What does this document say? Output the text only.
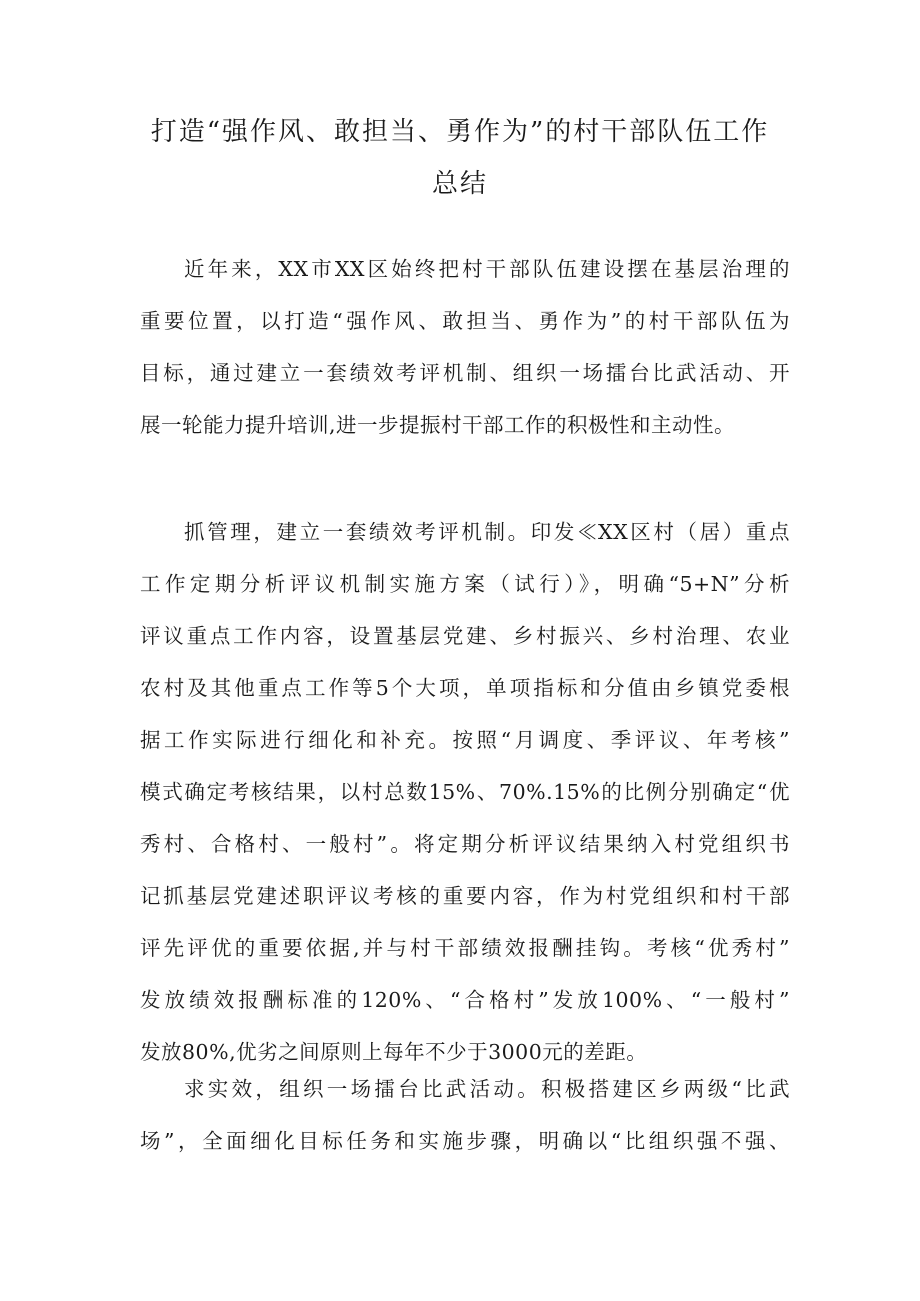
打造“强作风、敢担当、勇作为”的村干部队伍工作
总结
近年来，XX市XX区始终把村干部队伍建设摆在基层治理的
重要位置，以打造“强作风、敢担当、勇作为”的村干部队伍为
目标，通过建立一套绩效考评机制、组织一场擂台比武活动、开
展一轮能力提升培训,进一步提振村干部工作的积极性和主动性。
抓管理，建立一套绩效考评机制。印发≪XX区村（居）重点
工作定期分析评议机制实施方案（试行）》，明确“5+N”分析
评议重点工作内容，设置基层党建、乡村振兴、乡村治理、农业
农村及其他重点工作等5个大项，单项指标和分值由乡镇党委根
据工作实际进行细化和补充。按照“月调度、季评议、年考核”
模式确定考核结果，以村总数15%、70%.15%的比例分别确定“优
秀村、合格村、一般村”。将定期分析评议结果纳入村党组织书
记抓基层党建述职评议考核的重要内容，作为村党组织和村干部
评先评优的重要依据,并与村干部绩效报酬挂钩。考核“优秀村”
发放绩效报酬标准的120%、“合格村”发放100%、“一般村”
发放80%,优劣之间原则上每年不少于3000元的差距。
求实效，组织一场擂台比武活动。积极搭建区乡两级“比武
场”，全面细化目标任务和实施步骤，明确以“比组织强不强、
